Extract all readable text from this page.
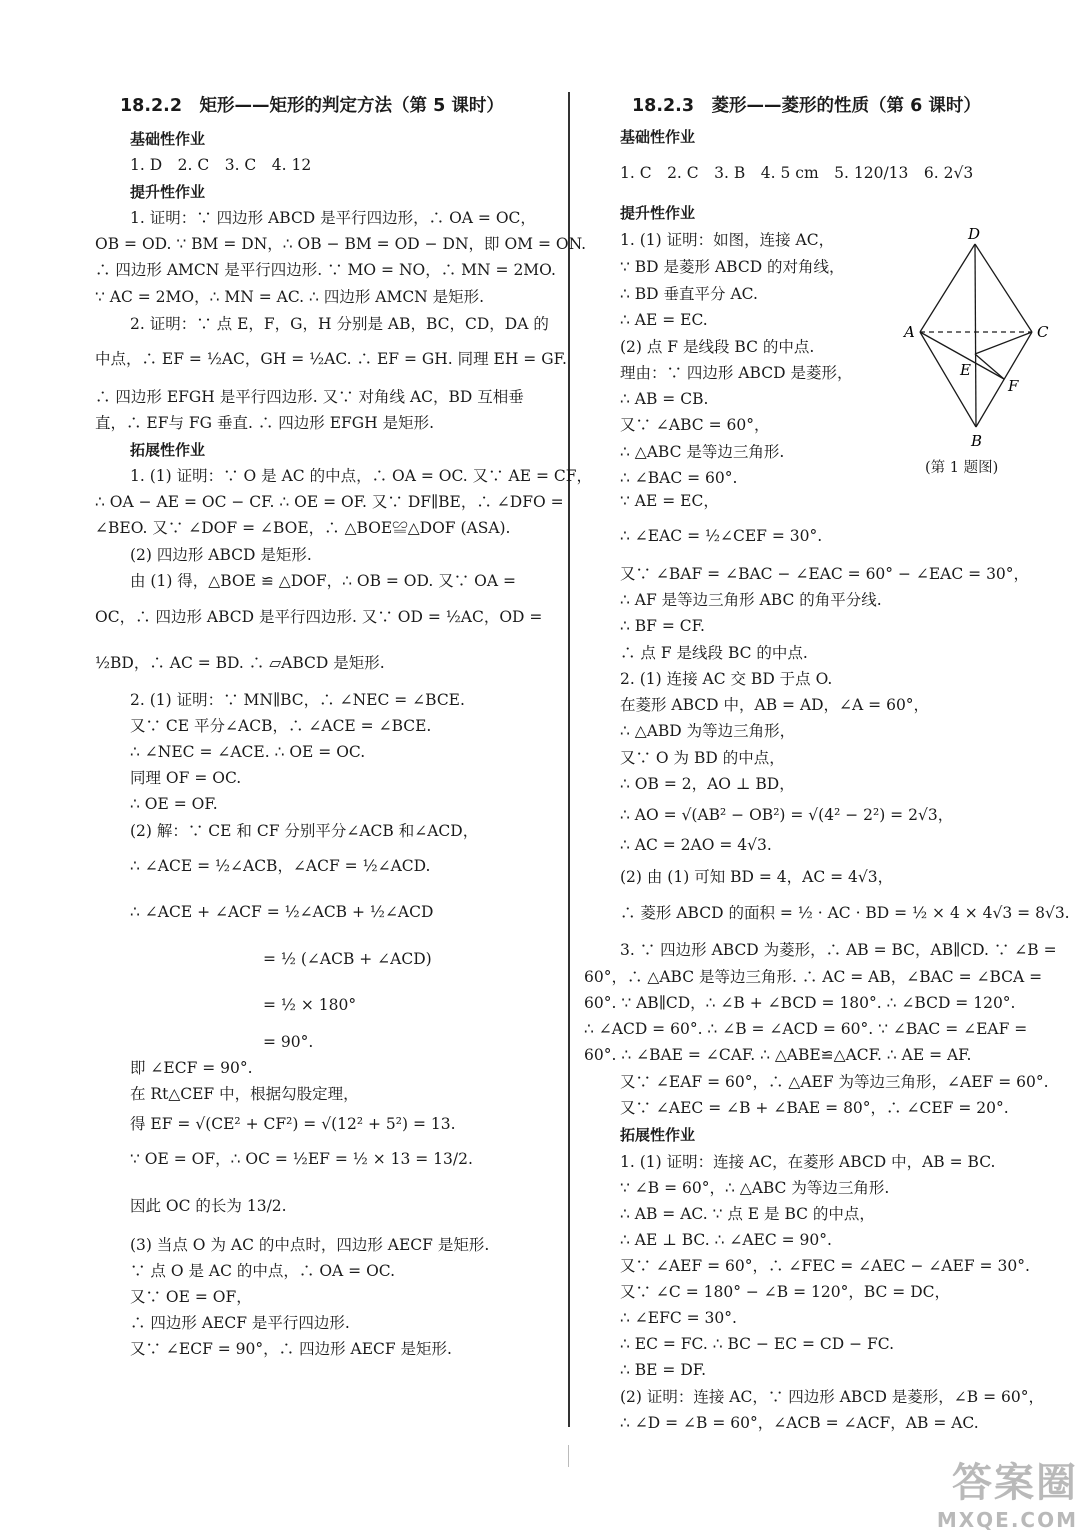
18.2.2　矩形——矩形的判定方法（第 5 课时）
基础性作业
1. D　2. C　3. C　4. 12
提升性作业
1. 证明：∵ 四边形 ABCD 是平行四边形，∴ OA = OC，
OB = OD. ∵ BM = DN，∴ OB − BM = OD − DN，即 OM = ON.
∴ 四边形 AMCN 是平行四边形. ∵ MO = NO，∴ MN = 2MO.
∵ AC = 2MO，∴ MN = AC. ∴ 四边形 AMCN 是矩形.
2. 证明：∵ 点 E，F，G，H 分别是 AB，BC，CD，DA 的
中点，∴ EF = ½AC，GH = ½AC. ∴ EF = GH. 同理 EH = GF.
∴ 四边形 EFGH 是平行四边形. 又∵ 对角线 AC，BD 互相垂
直，∴ EF与 FG 垂直. ∴ 四边形 EFGH 是矩形.
拓展性作业
1. (1) 证明：∵ O 是 AC 的中点，∴ OA = OC. 又∵ AE = CF，
∴ OA − AE = OC − CF. ∴ OE = OF. 又∵ DF∥BE，∴ ∠DFO =
∠BEO. 又∵ ∠DOF = ∠BOE，∴ △BOE≌△DOF (ASA).
(2) 四边形 ABCD 是矩形.
由 (1) 得，△BOE ≌ △DOF，∴ OB = OD. 又∵ OA =
OC，∴ 四边形 ABCD 是平行四边形. 又∵ OD = ½AC，OD =
½BD，∴ AC = BD. ∴ ▱ABCD 是矩形.
2. (1) 证明：∵ MN∥BC，∴ ∠NEC = ∠BCE.
又∵ CE 平分∠ACB，∴ ∠ACE = ∠BCE.
∴ ∠NEC = ∠ACE. ∴ OE = OC.
同理 OF = OC.
∴ OE = OF.
(2) 解：∵ CE 和 CF 分别平分∠ACB 和∠ACD，
∴ ∠ACE = ½∠ACB，∠ACF = ½∠ACD.
∴ ∠ACE + ∠ACF = ½∠ACB + ½∠ACD
= ½ (∠ACB + ∠ACD)
= ½ × 180°
= 90°.
即 ∠ECF = 90°.
在 Rt△CEF 中，根据勾股定理，
得 EF = √(CE² + CF²) = √(12² + 5²) = 13.
∵ OE = OF，∴ OC = ½EF = ½ × 13 = 13/2.
因此 OC 的长为 13/2.
(3) 当点 O 为 AC 的中点时，四边形 AECF 是矩形.
∵ 点 O 是 AC 的中点，∴ OA = OC.
又∵ OE = OF，
∴ 四边形 AECF 是平行四边形.
又∵ ∠ECF = 90°，∴ 四边形 AECF 是矩形.
18.2.3　菱形——菱形的性质（第 6 课时）
基础性作业
1. C　2. C　3. B　4. 5 cm　5. 120/13　6. 2√3
提升性作业
1. (1) 证明：如图，连接 AC，
∵ BD 是菱形 ABCD 的对角线，
∴ BD 垂直平分 AC.
∴ AE = EC.
(2) 点 F 是线段 BC 的中点.
理由：∵ 四边形 ABCD 是菱形，
∴ AB = CB.
又∵ ∠ABC = 60°，
∴ △ABC 是等边三角形.
∴ ∠BAC = 60°.
∵ AE = EC，
∴ ∠EAC = ½∠CEF = 30°.
又∵ ∠BAF = ∠BAC − ∠EAC = 60° − ∠EAC = 30°，
∴ AF 是等边三角形 ABC 的角平分线.
∴ BF = CF.
∴ 点 F 是线段 BC 的中点.
2. (1) 连接 AC 交 BD 于点 O.
在菱形 ABCD 中，AB = AD，∠A = 60°，
∴ △ABD 为等边三角形，
又∵ O 为 BD 的中点，
∴ OB = 2，AO ⊥ BD，
∴ AO = √(AB² − OB²) = √(4² − 2²) = 2√3，
∴ AC = 2AO = 4√3.
(2) 由 (1) 可知 BD = 4，AC = 4√3，
∴ 菱形 ABCD 的面积 = ½ · AC · BD = ½ × 4 × 4√3 = 8√3.
3. ∵ 四边形 ABCD 为菱形，∴ AB = BC，AB∥CD. ∵ ∠B =
60°，∴ △ABC 是等边三角形. ∴ AC = AB，∠BAC = ∠BCA =
60°. ∵ AB∥CD，∴ ∠B + ∠BCD = 180°. ∴ ∠BCD = 120°.
∴ ∠ACD = 60°. ∴ ∠B = ∠ACD = 60°. ∵ ∠BAC = ∠EAF =
60°. ∴ ∠BAE = ∠CAF. ∴ △ABE≌△ACF. ∴ AE = AF.
又∵ ∠EAF = 60°，∴ △AEF 为等边三角形，∠AEF = 60°.
又∵ ∠AEC = ∠B + ∠BAE = 80°，∴ ∠CEF = 20°.
拓展性作业
1. (1) 证明：连接 AC，在菱形 ABCD 中，AB = BC.
∵ ∠B = 60°，∴ △ABC 为等边三角形.
∴ AB = AC. ∵ 点 E 是 BC 的中点，
∴ AE ⊥ BC. ∴ ∠AEC = 90°.
又∵ ∠AEF = 60°，∴ ∠FEC = ∠AEC − ∠AEF = 30°.
又∵ ∠C = 180° − ∠B = 120°，BC = DC，
∴ ∠EFC = 30°.
∴ EC = FC. ∴ BC − EC = CD − FC.
∴ BE = DF.
(2) 证明：连接 AC，∵ 四边形 ABCD 是菱形，∠B = 60°，
∴ ∠D = ∠B = 60°，∠ACB = ∠ACF，AB = AC.
D
A	C
E
F
B
(第 1 题图)
答案圈
MXQE.COM
